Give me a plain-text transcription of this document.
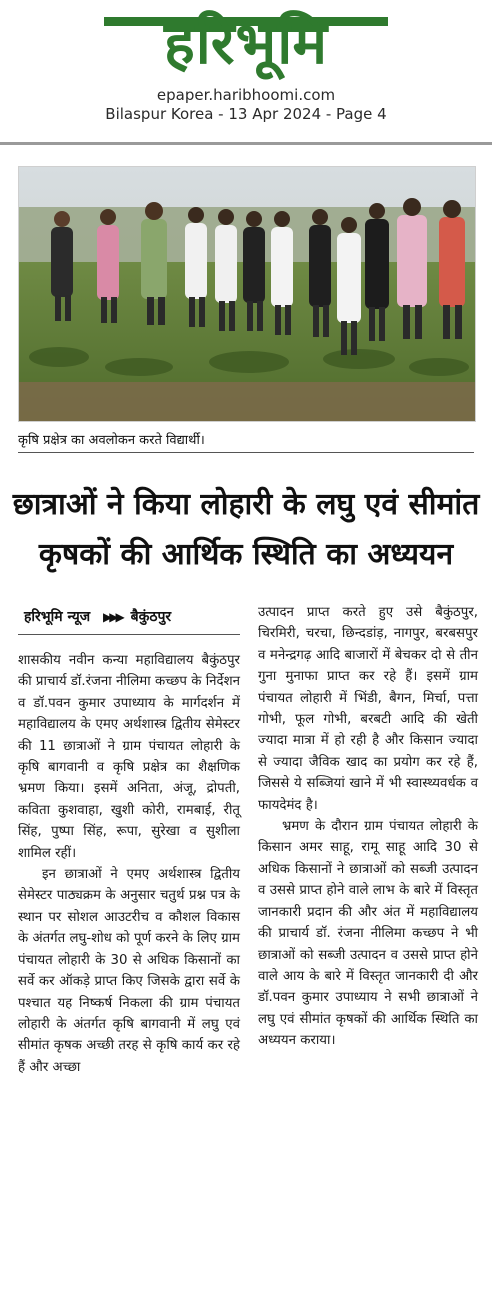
हरिभूमि
epaper.haribhoomi.com
Bilaspur Korea - 13 Apr 2024 - Page 4
कृषि प्रक्षेत्र का अवलोकन करते विद्यार्थी।
छात्राओं ने किया लोहारी के लघु एवं सीमांत
कृषकों की आर्थिक स्थिति का अध्ययन
हरिभूमि न्यूज ▶▶▶ बैकुंठपुर

शासकीय नवीन कन्या महाविद्यालय बैकुंठपुर की प्राचार्य डॉ.रंजना नीलिमा कच्छप के निर्देशन व डॉ.पवन कुमार उपाध्याय के मार्गदर्शन में महाविद्यालय के एमए अर्थशास्त्र द्वितीय सेमेस्टर की 11 छात्राओं ने ग्राम पंचायत लोहारी के कृषि बागवानी व कृषि प्रक्षेत्र का शैक्षणिक भ्रमण किया। इसमें अनिता, अंजू, द्रोपती, कविता कुशवाहा, खुशी कोरी, रामबाई, रीतू सिंह, पुष्पा सिंह, रूपा, सुरेखा व सुशीला शामिल रहीं।

इन छात्राओं ने एमए अर्थशास्त्र द्वितीय सेमेस्टर पाठ्यक्रम के अनुसार चतुर्थ प्रश्न पत्र के स्थान पर सोशल आउटरीच व कौशल विकास के अंतर्गत लघु-शोध को पूर्ण करने के लिए ग्राम पंचायत लोहारी के 30 से अधिक किसानों का सर्वे कर ऑकड़े प्राप्त किए जिसके द्वारा सर्वे के पश्चात यह निष्कर्ष निकला की ग्राम पंचायत लोहारी के अंतर्गत कृषि बागवानी में लघु एवं सीमांत कृषक अच्छी तरह से कृषि कार्य कर रहे हैं और अच्छा

उत्पादन प्राप्त करते हुए उसे बैकुंठपुर, चिरमिरी, चरचा, छिन्दडांड़, नागपुर, बरबसपुर व मनेन्द्रगढ़ आदि बाजारों में बेचकर दो से तीन गुना मुनाफा प्राप्त कर रहे हैं। इसमें ग्राम पंचायत लोहारी में भिंडी, बैगन, मिर्चा, पत्ता गोभी, फूल गोभी, बरबटी आदि की खेती ज्यादा मात्रा में हो रही है और किसान ज्यादा से ज्यादा जैविक खाद का प्रयोग कर रहे हैं, जिससे ये सब्जियां खाने में भी स्वास्थ्यवर्धक व फायदेमंद है।

भ्रमण के दौरान ग्राम पंचायत लोहारी के किसान अमर साहू, रामू साहू आदि 30 से अधिक किसानों ने छात्राओं को सब्जी उत्पादन व उससे प्राप्त होने वाले लाभ के बारे में विस्तृत जानकारी प्रदान की और अंत में महाविद्यालय की प्राचार्य डॉ. रंजना नीलिमा कच्छप ने भी छात्राओं को सब्जी उत्पादन व उससे प्राप्त होने वाले आय के बारे में विस्तृत जानकारी दी और डॉ.पवन कुमार उपाध्याय ने सभी छात्राओं ने लघु एवं सीमांत कृषकों की आर्थिक स्थिति का अध्ययन कराया।
